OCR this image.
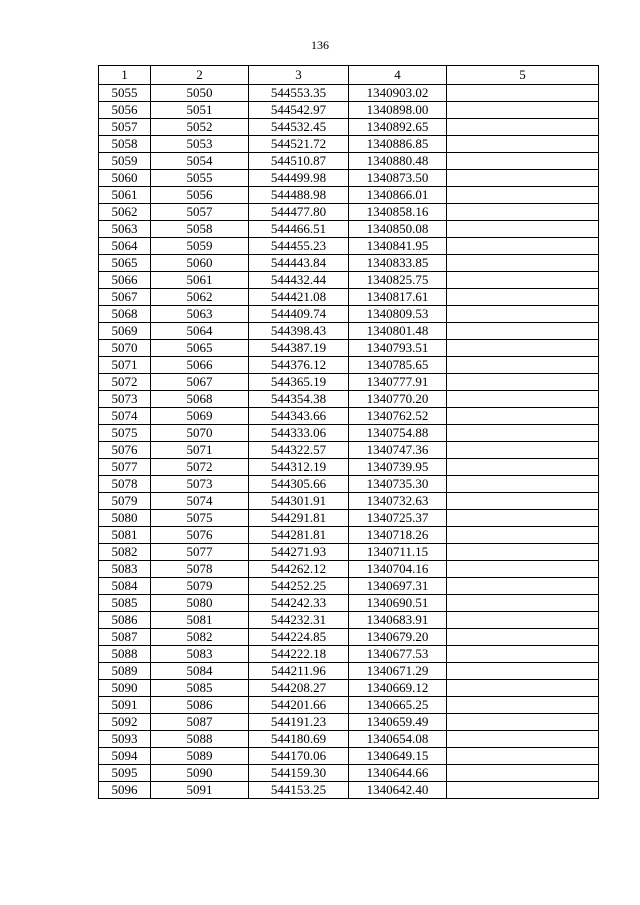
136
1	2	3	4	5
5055	5050	544553.35	1340903.02	
5056	5051	544542.97	1340898.00	
5057	5052	544532.45	1340892.65	
5058	5053	544521.72	1340886.85	
5059	5054	544510.87	1340880.48	
5060	5055	544499.98	1340873.50	
5061	5056	544488.98	1340866.01	
5062	5057	544477.80	1340858.16	
5063	5058	544466.51	1340850.08	
5064	5059	544455.23	1340841.95	
5065	5060	544443.84	1340833.85	
5066	5061	544432.44	1340825.75	
5067	5062	544421.08	1340817.61	
5068	5063	544409.74	1340809.53	
5069	5064	544398.43	1340801.48	
5070	5065	544387.19	1340793.51	
5071	5066	544376.12	1340785.65	
5072	5067	544365.19	1340777.91	
5073	5068	544354.38	1340770.20	
5074	5069	544343.66	1340762.52	
5075	5070	544333.06	1340754.88	
5076	5071	544322.57	1340747.36	
5077	5072	544312.19	1340739.95	
5078	5073	544305.66	1340735.30	
5079	5074	544301.91	1340732.63	
5080	5075	544291.81	1340725.37	
5081	5076	544281.81	1340718.26	
5082	5077	544271.93	1340711.15	
5083	5078	544262.12	1340704.16	
5084	5079	544252.25	1340697.31	
5085	5080	544242.33	1340690.51	
5086	5081	544232.31	1340683.91	
5087	5082	544224.85	1340679.20	
5088	5083	544222.18	1340677.53	
5089	5084	544211.96	1340671.29	
5090	5085	544208.27	1340669.12	
5091	5086	544201.66	1340665.25	
5092	5087	544191.23	1340659.49	
5093	5088	544180.69	1340654.08	
5094	5089	544170.06	1340649.15	
5095	5090	544159.30	1340644.66	
5096	5091	544153.25	1340642.40	
